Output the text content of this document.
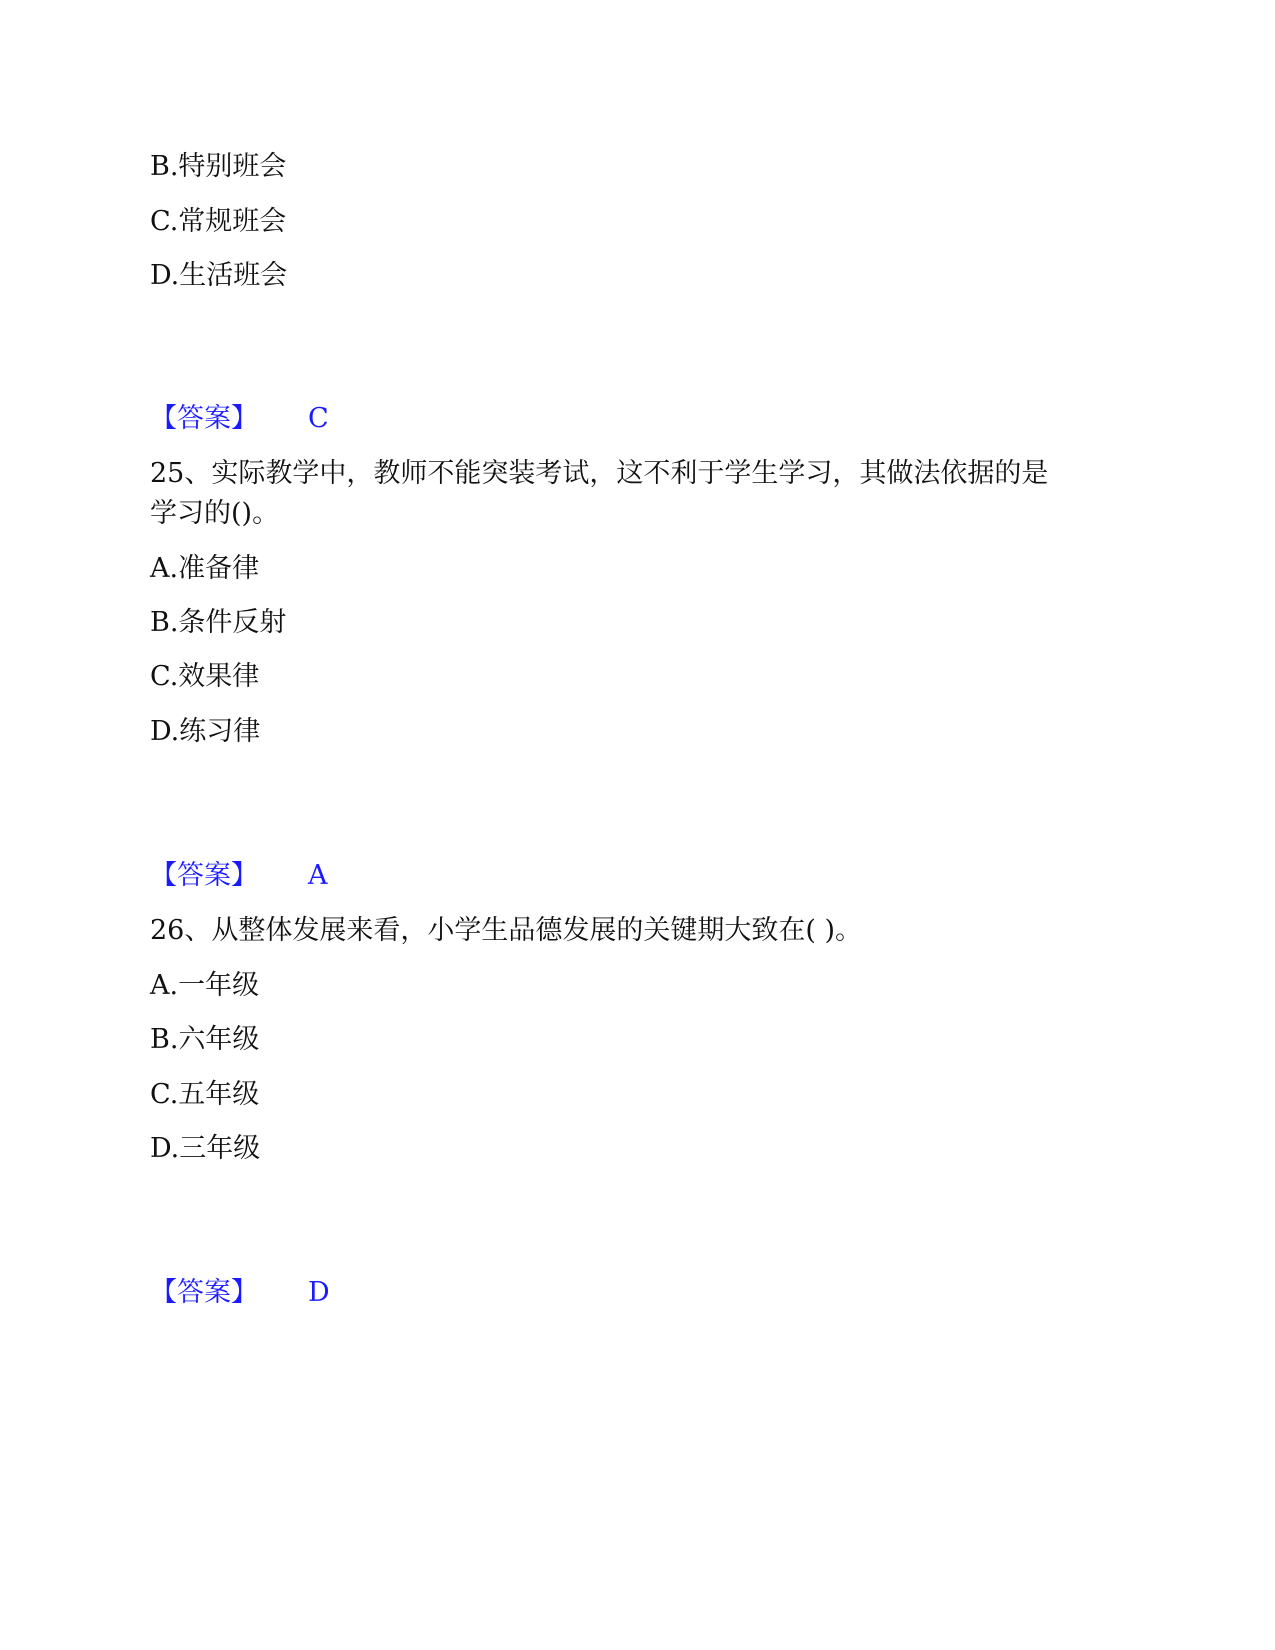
B.特别班会
C.常规班会
D.生活班会
【答案】 C
25、实际教学中，教师不能突装考试，这不利于学生学习，其做法依据的是
学习的()。
A.准备律
B.条件反射
C.效果律
D.练习律
【答案】 A
26、从整体发展来看，小学生品德发展的关键期大致在( )。
A.一年级
B.六年级
C.五年级
D.三年级
【答案】 D
